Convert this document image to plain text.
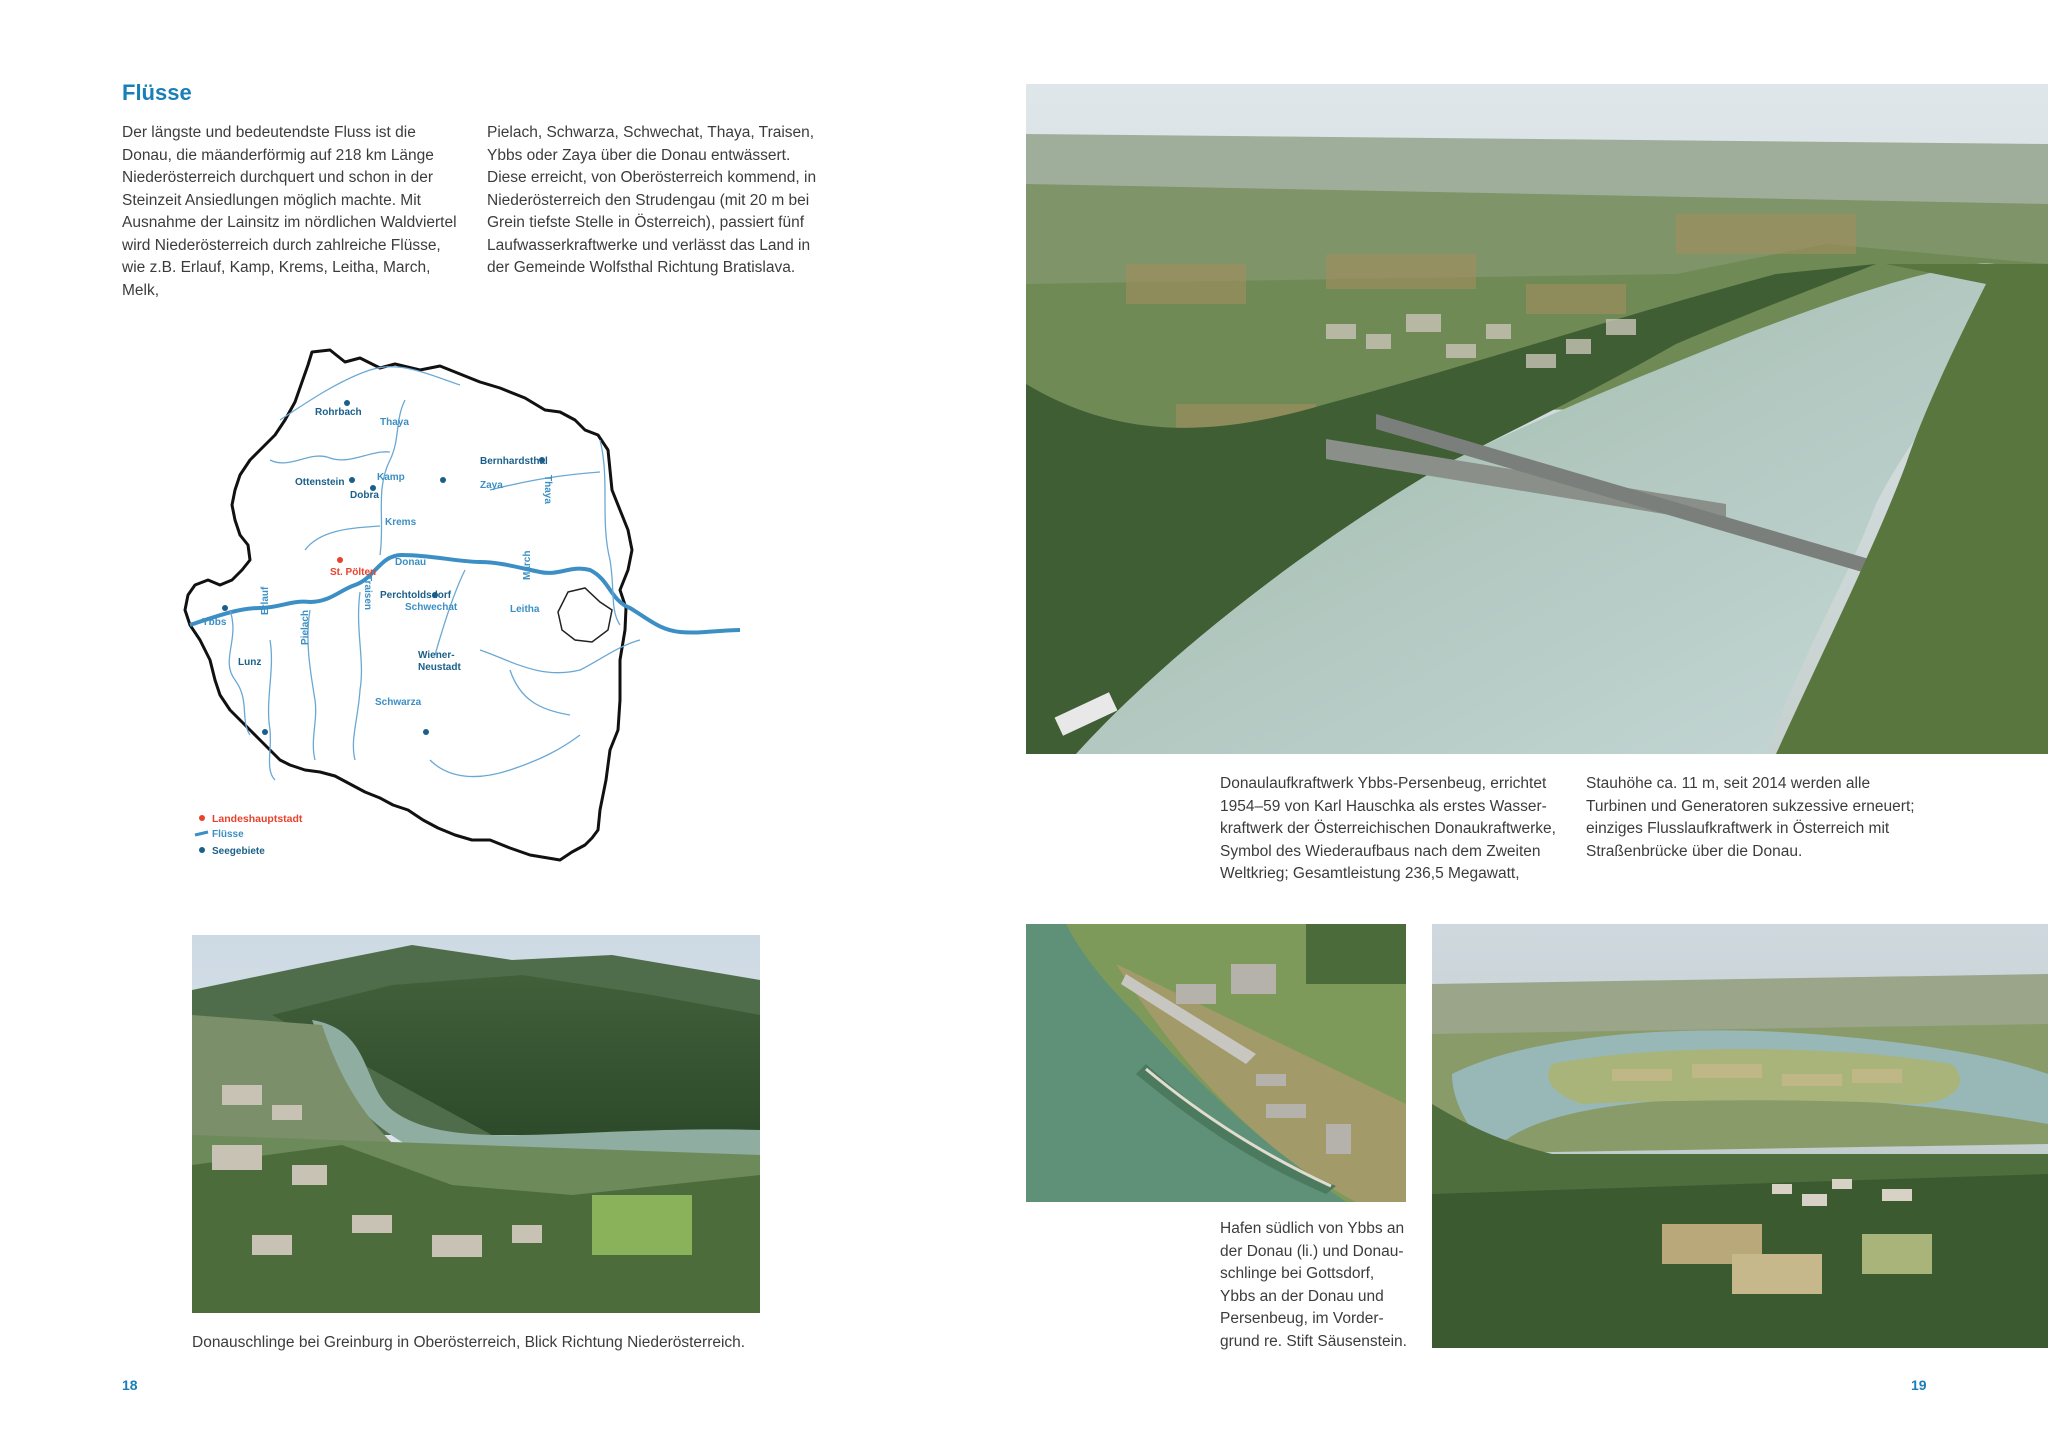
Flüsse
Der längste und bedeutendste Fluss ist die
Donau, die mäanderförmig auf 218 km Länge
Niederösterreich durchquert und schon in der
Steinzeit Ansiedlungen möglich machte. Mit
Ausnahme der Lainsitz im nördlichen Waldviertel
wird Niederösterreich durch zahlreiche Flüsse,
wie z.B. Erlauf, Kamp, Krems, Leitha, March, Melk,
Pielach, Schwarza, Schwechat, Thaya, Traisen,
Ybbs oder Zaya über die Donau entwässert.
Diese erreicht, von Oberösterreich kommend, in
Niederösterreich den Strudengau (mit 20 m bei
Grein tiefste Stelle in Österreich), passiert fünf
Laufwasserkraftwerke und verlässt das Land in
der Gemeinde Wolfsthal Richtung Bratislava.
Rohrbach
Thaya
Ottenstein	Kamp
Dobra
Krems
Bernhardsthal
Zaya	Thaya
Donau	March
Traisen
St. Pölten
Perchtoldsdorf
Ybbs
Erlauf
Pielach
Schwechat	Leitha
Lunz
Wiener-
Neustadt
Schwarza
Landeshauptstadt
Flüsse
Seegebiete
Donauschlinge bei Greinburg in Oberösterreich, Blick Richtung Niederösterreich.
18
Donaulaufkraftwerk Ybbs-Persenbeug, errichtet
1954–59 von Karl Hauschka als erstes Wasser-
kraftwerk der Österreichischen Donaukraftwerke,
Symbol des Wiederaufbaus nach dem Zweiten
Weltkrieg; Gesamtleistung 236,5 Megawatt,
Stauhöhe ca. 11 m, seit 2014 werden alle
Turbinen und Generatoren sukzessive erneuert;
einziges Flusslaufkraftwerk in Österreich mit
Straßenbrücke über die Donau.
Hafen südlich von Ybbs an
der Donau (li.) und Donau-
schlinge bei Gottsdorf,
Ybbs an der Donau und
Persenbeug, im Vorder-
grund re. Stift Säusenstein.
19
